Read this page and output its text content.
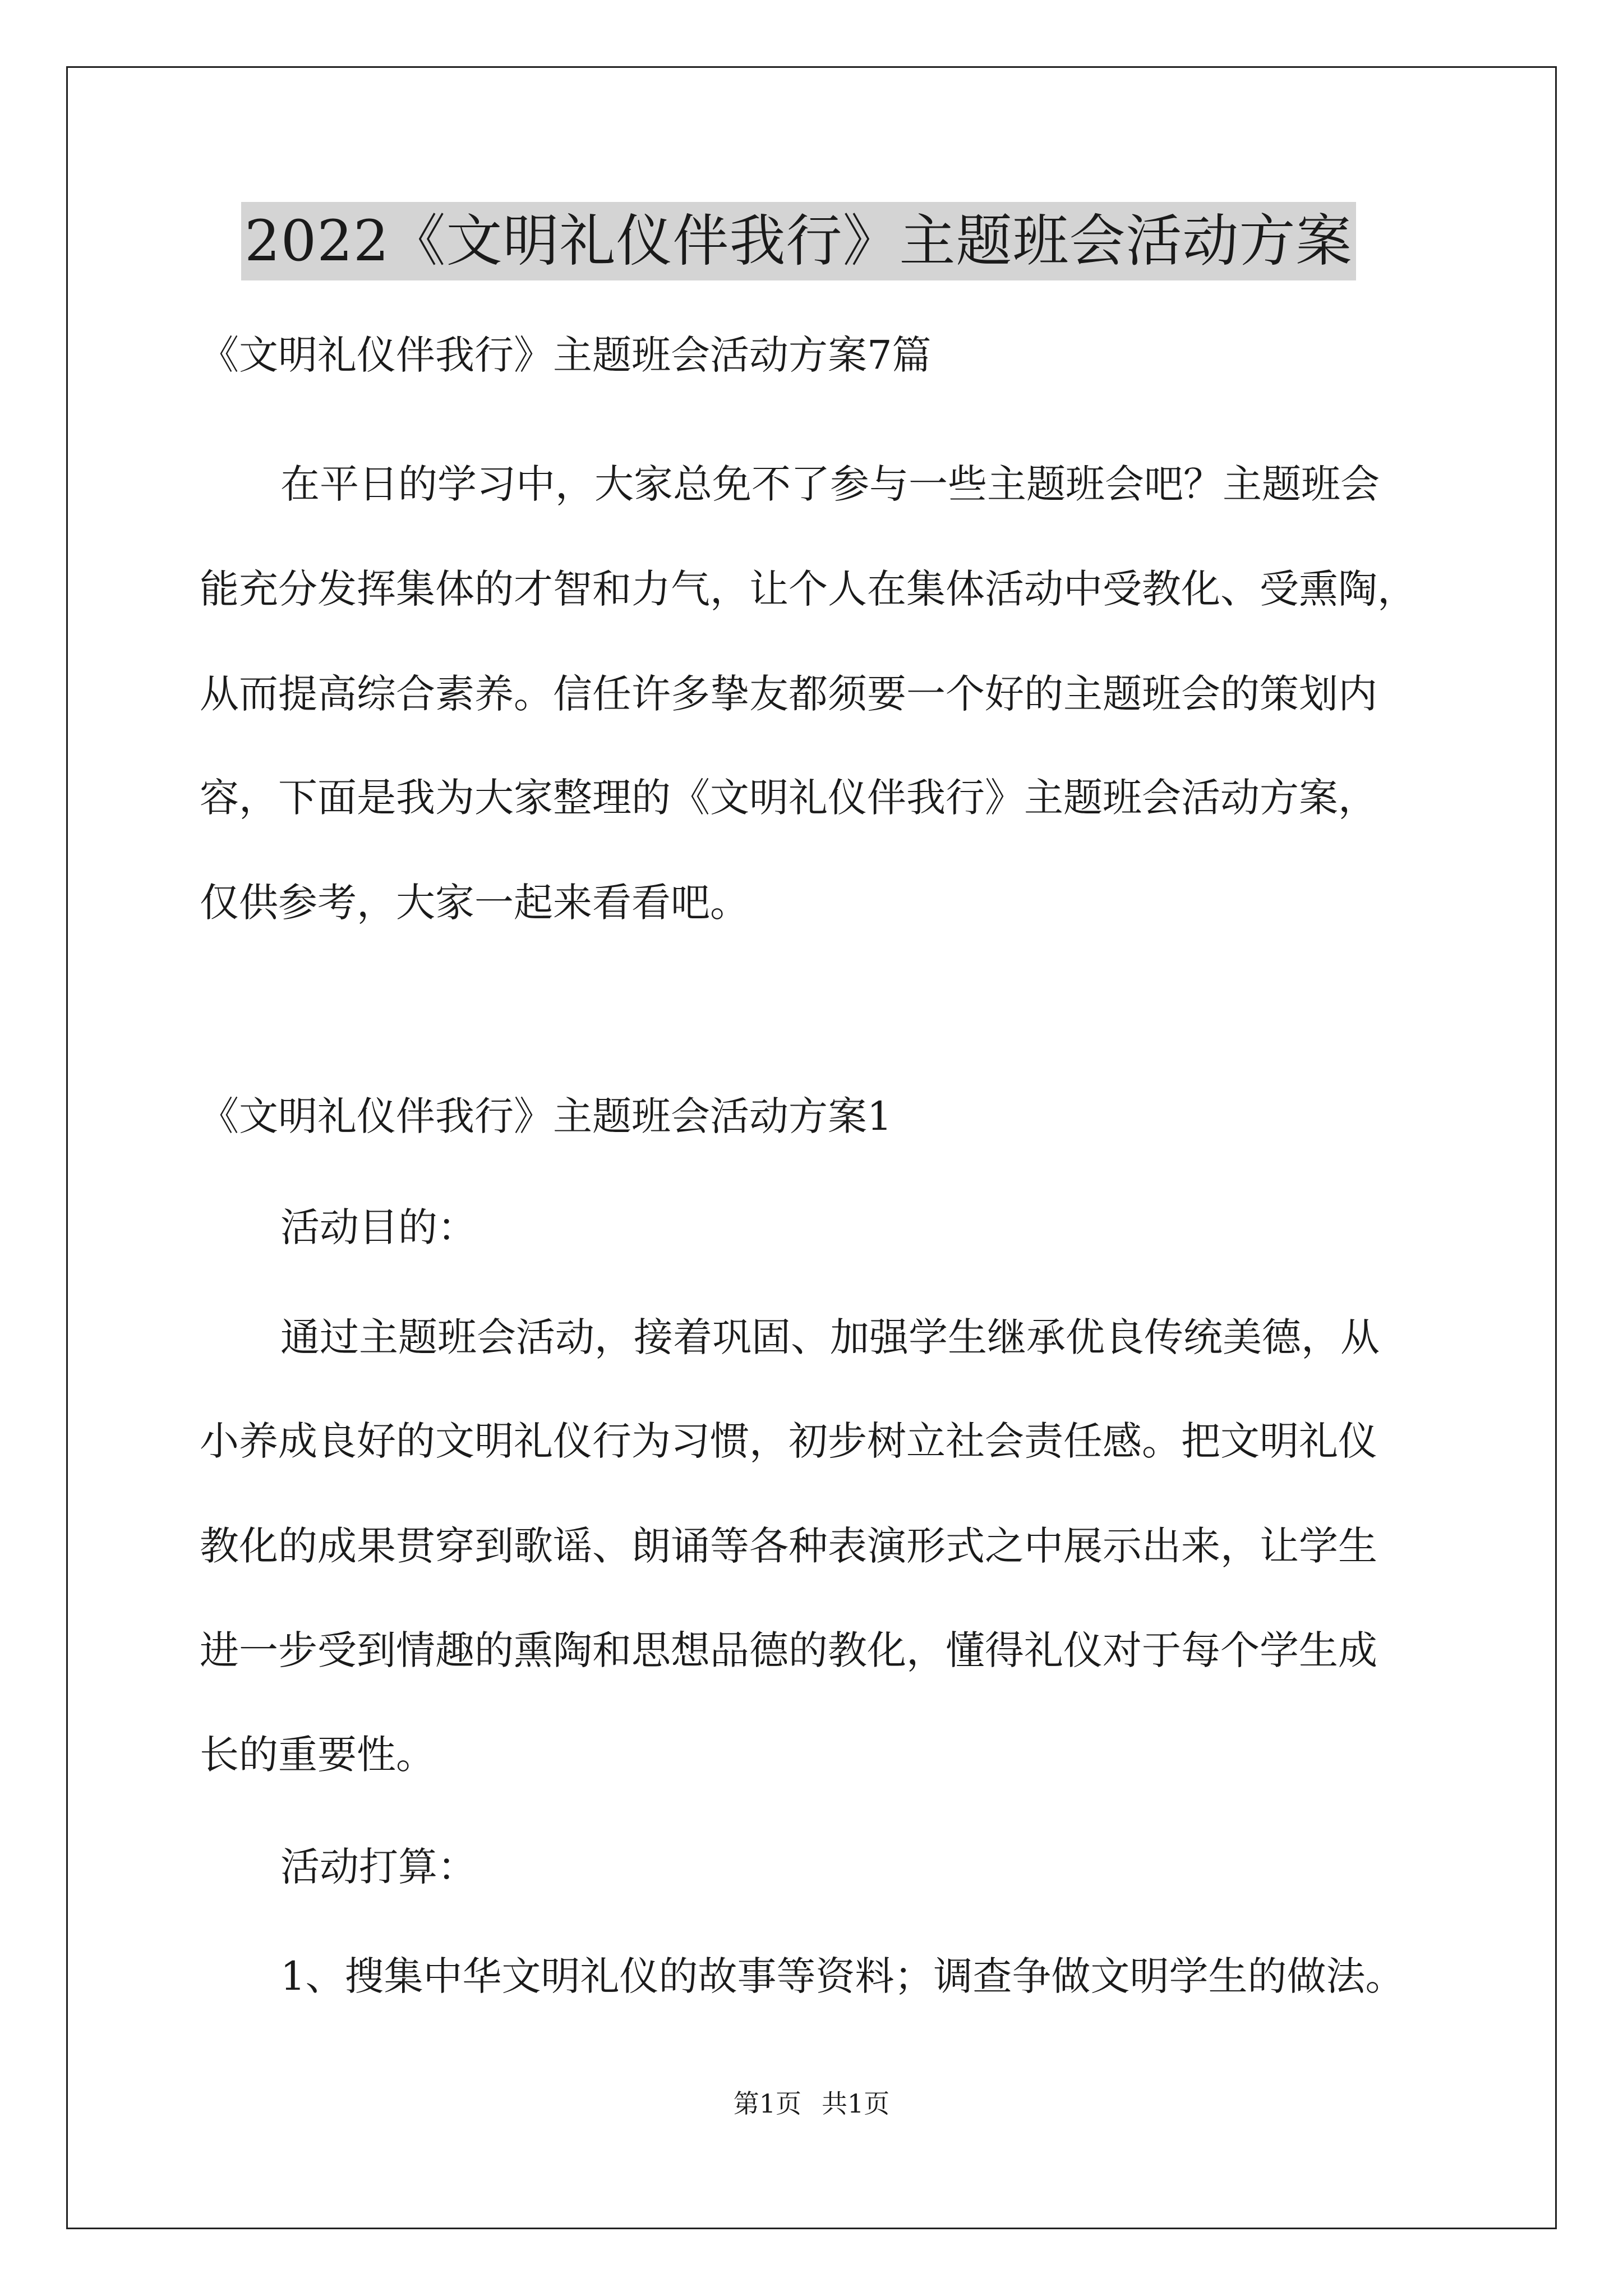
2022《文明礼仪伴我行》主题班会活动方案
《文明礼仪伴我行》主题班会活动方案7篇
在平日的学习中，大家总免不了参与一些主题班会吧？主题班会
能充分发挥集体的才智和力气，让个人在集体活动中受教化、受熏陶，
从而提高综合素养。信任许多挚友都须要一个好的主题班会的策划内
容，下面是我为大家整理的《文明礼仪伴我行》主题班会活动方案，
仅供参考，大家一起来看看吧。
《文明礼仪伴我行》主题班会活动方案1
活动目的：
通过主题班会活动，接着巩固、加强学生继承优良传统美德，从
小养成良好的文明礼仪行为习惯，初步树立社会责任感。把文明礼仪
教化的成果贯穿到歌谣、朗诵等各种表演形式之中展示出来，让学生
进一步受到情趣的熏陶和思想品德的教化，懂得礼仪对于每个学生成
长的重要性。
活动打算：
1、搜集中华文明礼仪的故事等资料；调查争做文明学生的做法。
第1页 共1页
